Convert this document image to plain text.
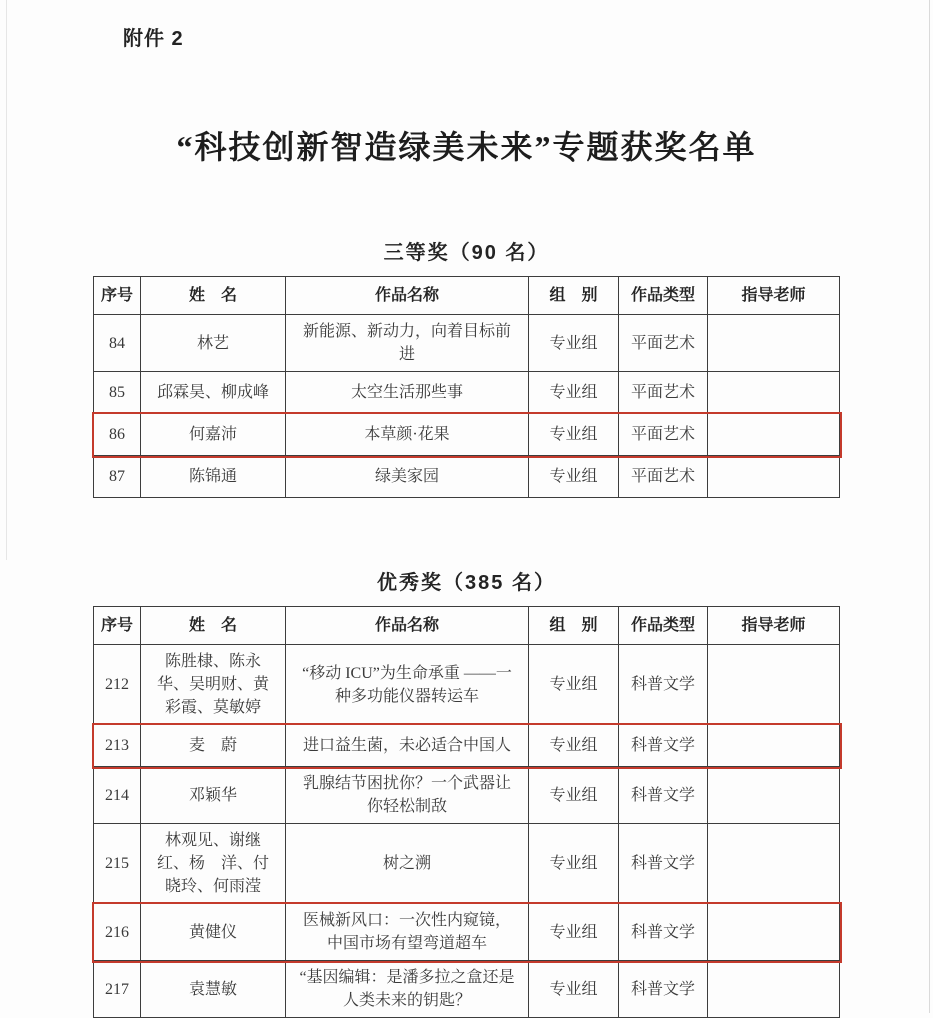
附件 2
“科技创新智造绿美未来”专题获奖名单
三等奖（90 名）
序号	姓　名	作品名称	组　别	作品类型	指导老师
84	林艺	新能源、新动力，向着目标前进	专业组	平面艺术	
85	邱霖昊、柳成峰	太空生活那些事	专业组	平面艺术	
86	何嘉沛	本草颜·花果	专业组	平面艺术	
87	陈锦通	绿美家园	专业组	平面艺术	
优秀奖（385 名）
序号	姓　名	作品名称	组　别	作品类型	指导老师
212	陈胜棣、陈永华、吴明财、黄彩霞、莫敏婷	“移动 ICU”为生命承重 ——一种多功能仪器转运车	专业组	科普文学	
213	麦　蔚	进口益生菌，未必适合中国人	专业组	科普文学	
214	邓颖华	乳腺结节困扰你？一个武器让你轻松制敌	专业组	科普文学	
215	林观见、谢继红、杨　洋、付晓玲、何雨滢	树之溯	专业组	科普文学	
216	黄健仪	医械新风口：一次性内窥镜，中国市场有望弯道超车	专业组	科普文学	
217	袁慧敏	“基因编辑：是潘多拉之盒还是人类未来的钥匙？	专业组	科普文学	
